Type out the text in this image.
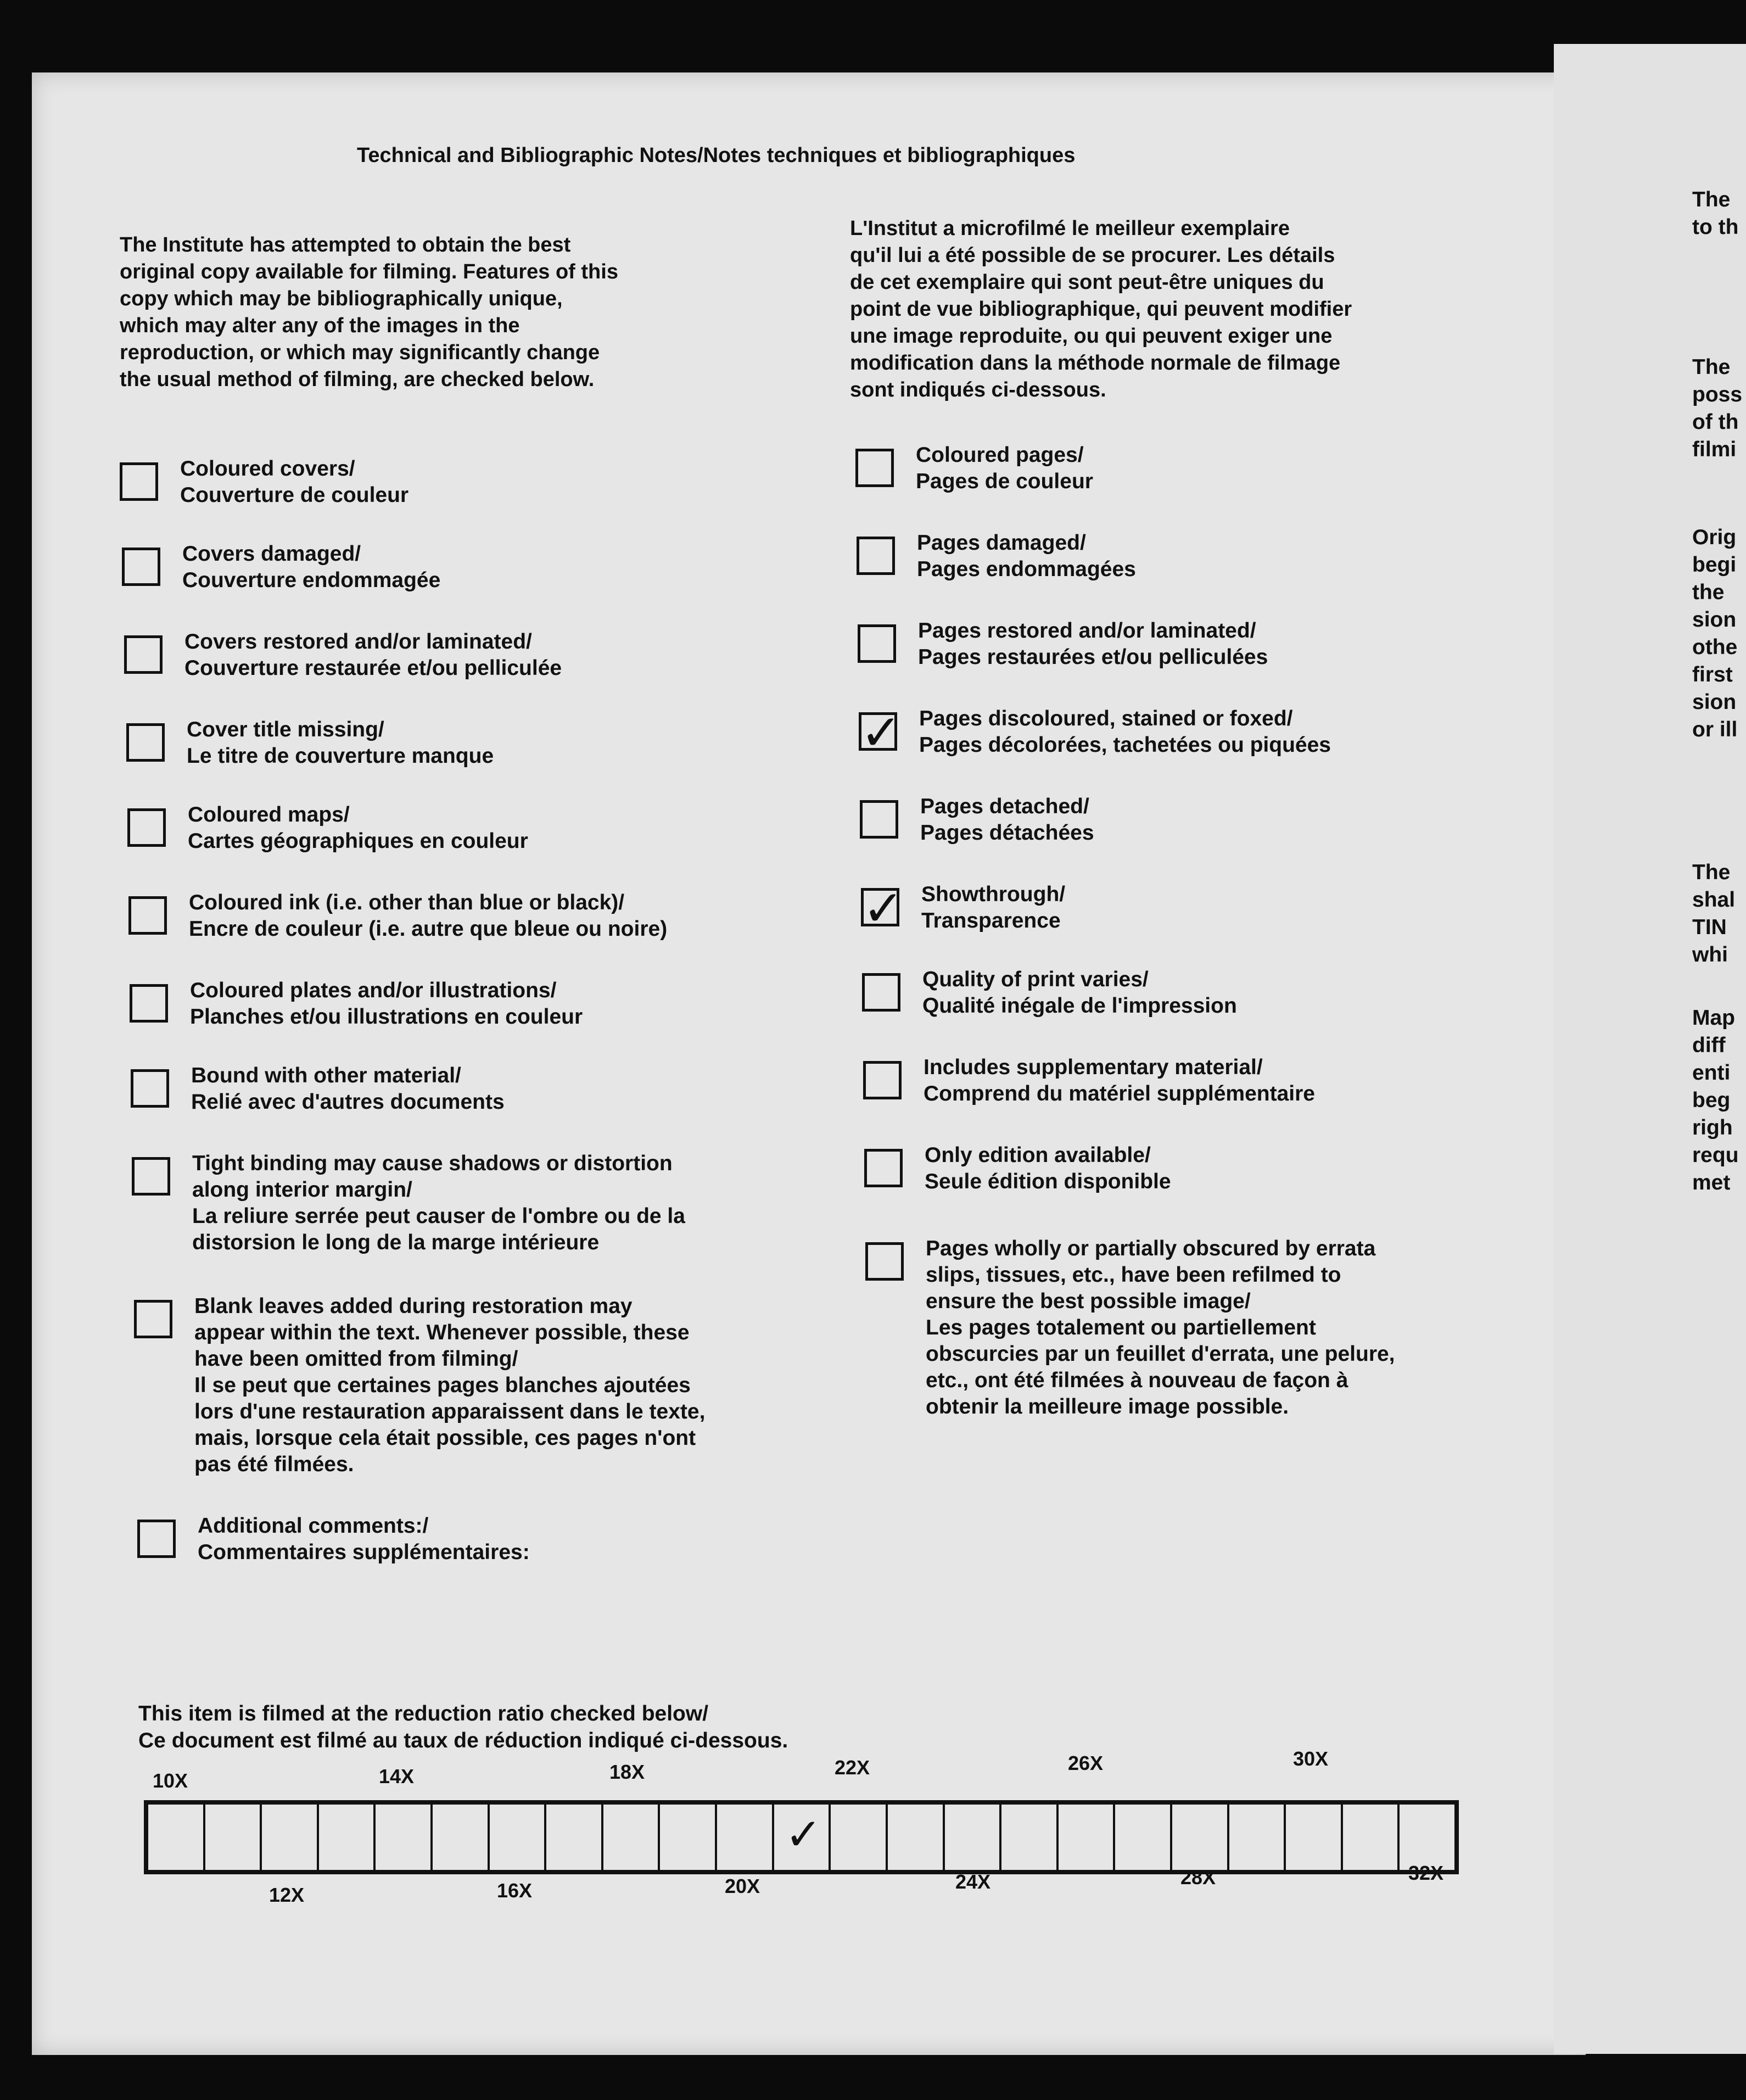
Technical and Bibliographic Notes/Notes techniques et bibliographiques

The Institute has attempted to obtain the best

original copy available for filming. Features of this

copy which may be bibliographically unique,

which may alter any of the images in the

reproduction, or which may significantly change

the usual method of filming, are checked below.

L'Institut a microfilmé le meilleur exemplaire

qu'il lui a été possible de se procurer. Les détails

de cet exemplaire qui sont peut-être uniques du

point de vue bibliographique, qui peuvent modifier

une image reproduite, ou qui peuvent exiger une

modification dans la méthode normale de filmage

sont indiqués ci-dessous.

Coloured covers/
Couverture de couleur
Covers damaged/
Couverture endommagée
Covers restored and/or laminated/
Couverture restaurée et/ou pelliculée
Cover title missing/
Le titre de couverture manque
Coloured maps/
Cartes géographiques en couleur
Coloured ink (i.e. other than blue or black)/
Encre de couleur (i.e. autre que bleue ou noire)
Coloured plates and/or illustrations/
Planches et/ou illustrations en couleur
Bound with other material/
Relié avec d'autres documents
Tight binding may cause shadows or distortion
along interior margin/
La reliure serrée peut causer de l'ombre ou de la
distorsion le long de la marge intérieure
Blank leaves added during restoration may
appear within the text. Whenever possible, these
have been omitted from filming/
Il se peut que certaines pages blanches ajoutées
lors d'une restauration apparaissent dans le texte,
mais, lorsque cela était possible, ces pages n'ont
pas été filmées.
Additional comments:/
Commentaires supplémentaires:
Coloured pages/
Pages de couleur
Pages damaged/
Pages endommagées
Pages restored and/or laminated/
Pages restaurées et/ou pelliculées
✓ Pages discoloured, stained or foxed/
Pages décolorées, tachetées ou piquées
Pages detached/
Pages détachées
✓ Showthrough/
Transparence
Quality of print varies/
Qualité inégale de l'impression
Includes supplementary material/
Comprend du matériel supplémentaire
Only edition available/
Seule édition disponible
Pages wholly or partially obscured by errata
slips, tissues, etc., have been refilmed to
ensure the best possible image/
Les pages totalement ou partiellement
obscurcies par un feuillet d'errata, une pelure,
etc., ont été filmées à nouveau de façon à
obtenir la meilleure image possible.
This item is filmed at the reduction ratio checked below/
Ce document est filmé au taux de réduction indiqué ci-dessous.
✓
10X	14X	18X	22X	26X	30X
12X	16X	20X	24X	28X	32X
The
to th
The
poss
of th
filmi
Orig
begi
the
sion
othe
first
sion
or ill
The
shal
TIN
whi
Map
diff
enti
beg
righ
requ
met
